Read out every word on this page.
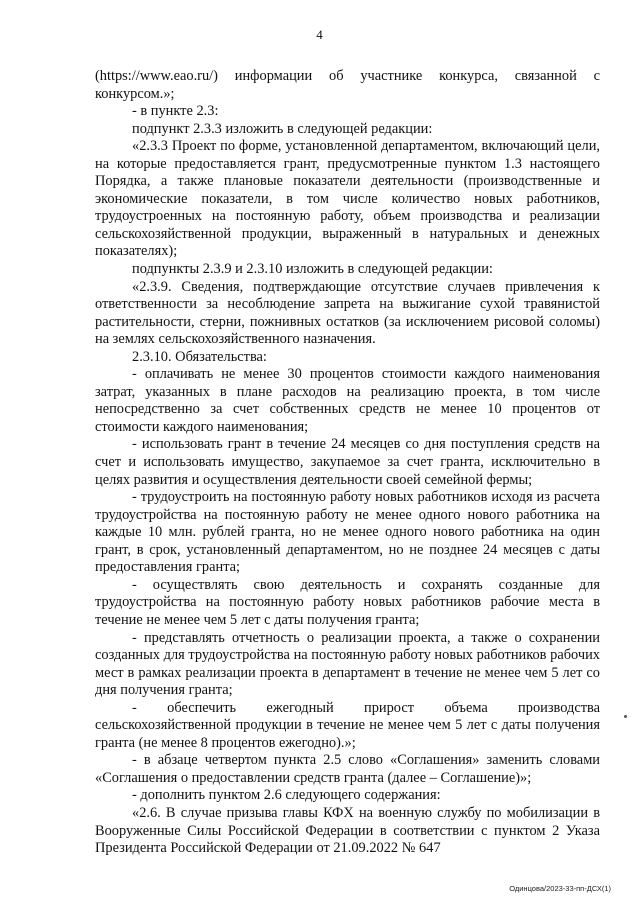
4

(https://www.eao.ru/) информации об участнике конкурса, связанной с конкурсом.»;

- в пункте 2.3:

подпункт 2.3.3 изложить в следующей редакции:

«2.3.3 Проект по форме, установленной департаментом, включающий цели, на которые предоставляется грант, предусмотренные пунктом 1.3 настоящего Порядка, а также плановые показатели деятельности (производственные и экономические показатели, в том числе количество новых работников, трудоустроенных на постоянную работу, объем производства и реализации сельскохозяйственной продукции, выраженный в натуральных и денежных показателях);

подпункты 2.3.9 и 2.3.10 изложить в следующей редакции:

«2.3.9. Сведения, подтверждающие отсутствие случаев привлечения к ответственности за несоблюдение запрета на выжигание сухой травянистой растительности, стерни, пожнивных остатков (за исключением рисовой соломы) на землях сельскохозяйственного назначения.

2.3.10. Обязательства:

- оплачивать не менее 30 процентов стоимости каждого наименования затрат, указанных в плане расходов на реализацию проекта, в том числе непосредственно за счет собственных средств не менее 10 процентов от стоимости каждого наименования;

- использовать грант в течение 24 месяцев со дня поступления средств на счет и использовать имущество, закупаемое за счет гранта, исключительно в целях развития и осуществления деятельности своей семейной фермы;

- трудоустроить на постоянную работу новых работников исходя из расчета трудоустройства на постоянную работу не менее одного нового работника на каждые 10 млн. рублей гранта, но не менее одного нового работника на один грант, в срок, установленный департаментом, но не позднее 24 месяцев с даты предоставления гранта;

- осуществлять свою деятельность и сохранять созданные для трудоустройства на постоянную работу новых работников рабочие места в течение не менее чем 5 лет с даты получения гранта;

- представлять отчетность о реализации проекта, а также о сохранении созданных для трудоустройства на постоянную работу новых работников рабочих мест в рамках реализации проекта в департамент в течение не менее чем 5 лет со дня получения гранта;

- обеспечить ежегодный прирост объема производства сельскохозяйственной продукции в течение не менее чем 5 лет с даты получения гранта (не менее 8 процентов ежегодно).»;

- в абзаце четвертом пункта 2.5 слово «Соглашения» заменить словами «Соглашения о предоставлении средств гранта (далее – Соглашение)»;

- дополнить пунктом 2.6 следующего содержания:

«2.6. В случае призыва главы КФХ на военную службу по мобилизации в Вооруженные Силы Российской Федерации в соответствии с пунктом 2 Указа Президента Российской Федерации от 21.09.2022 № 647

Одинцова/2023-33-пп-ДСХ(1)
